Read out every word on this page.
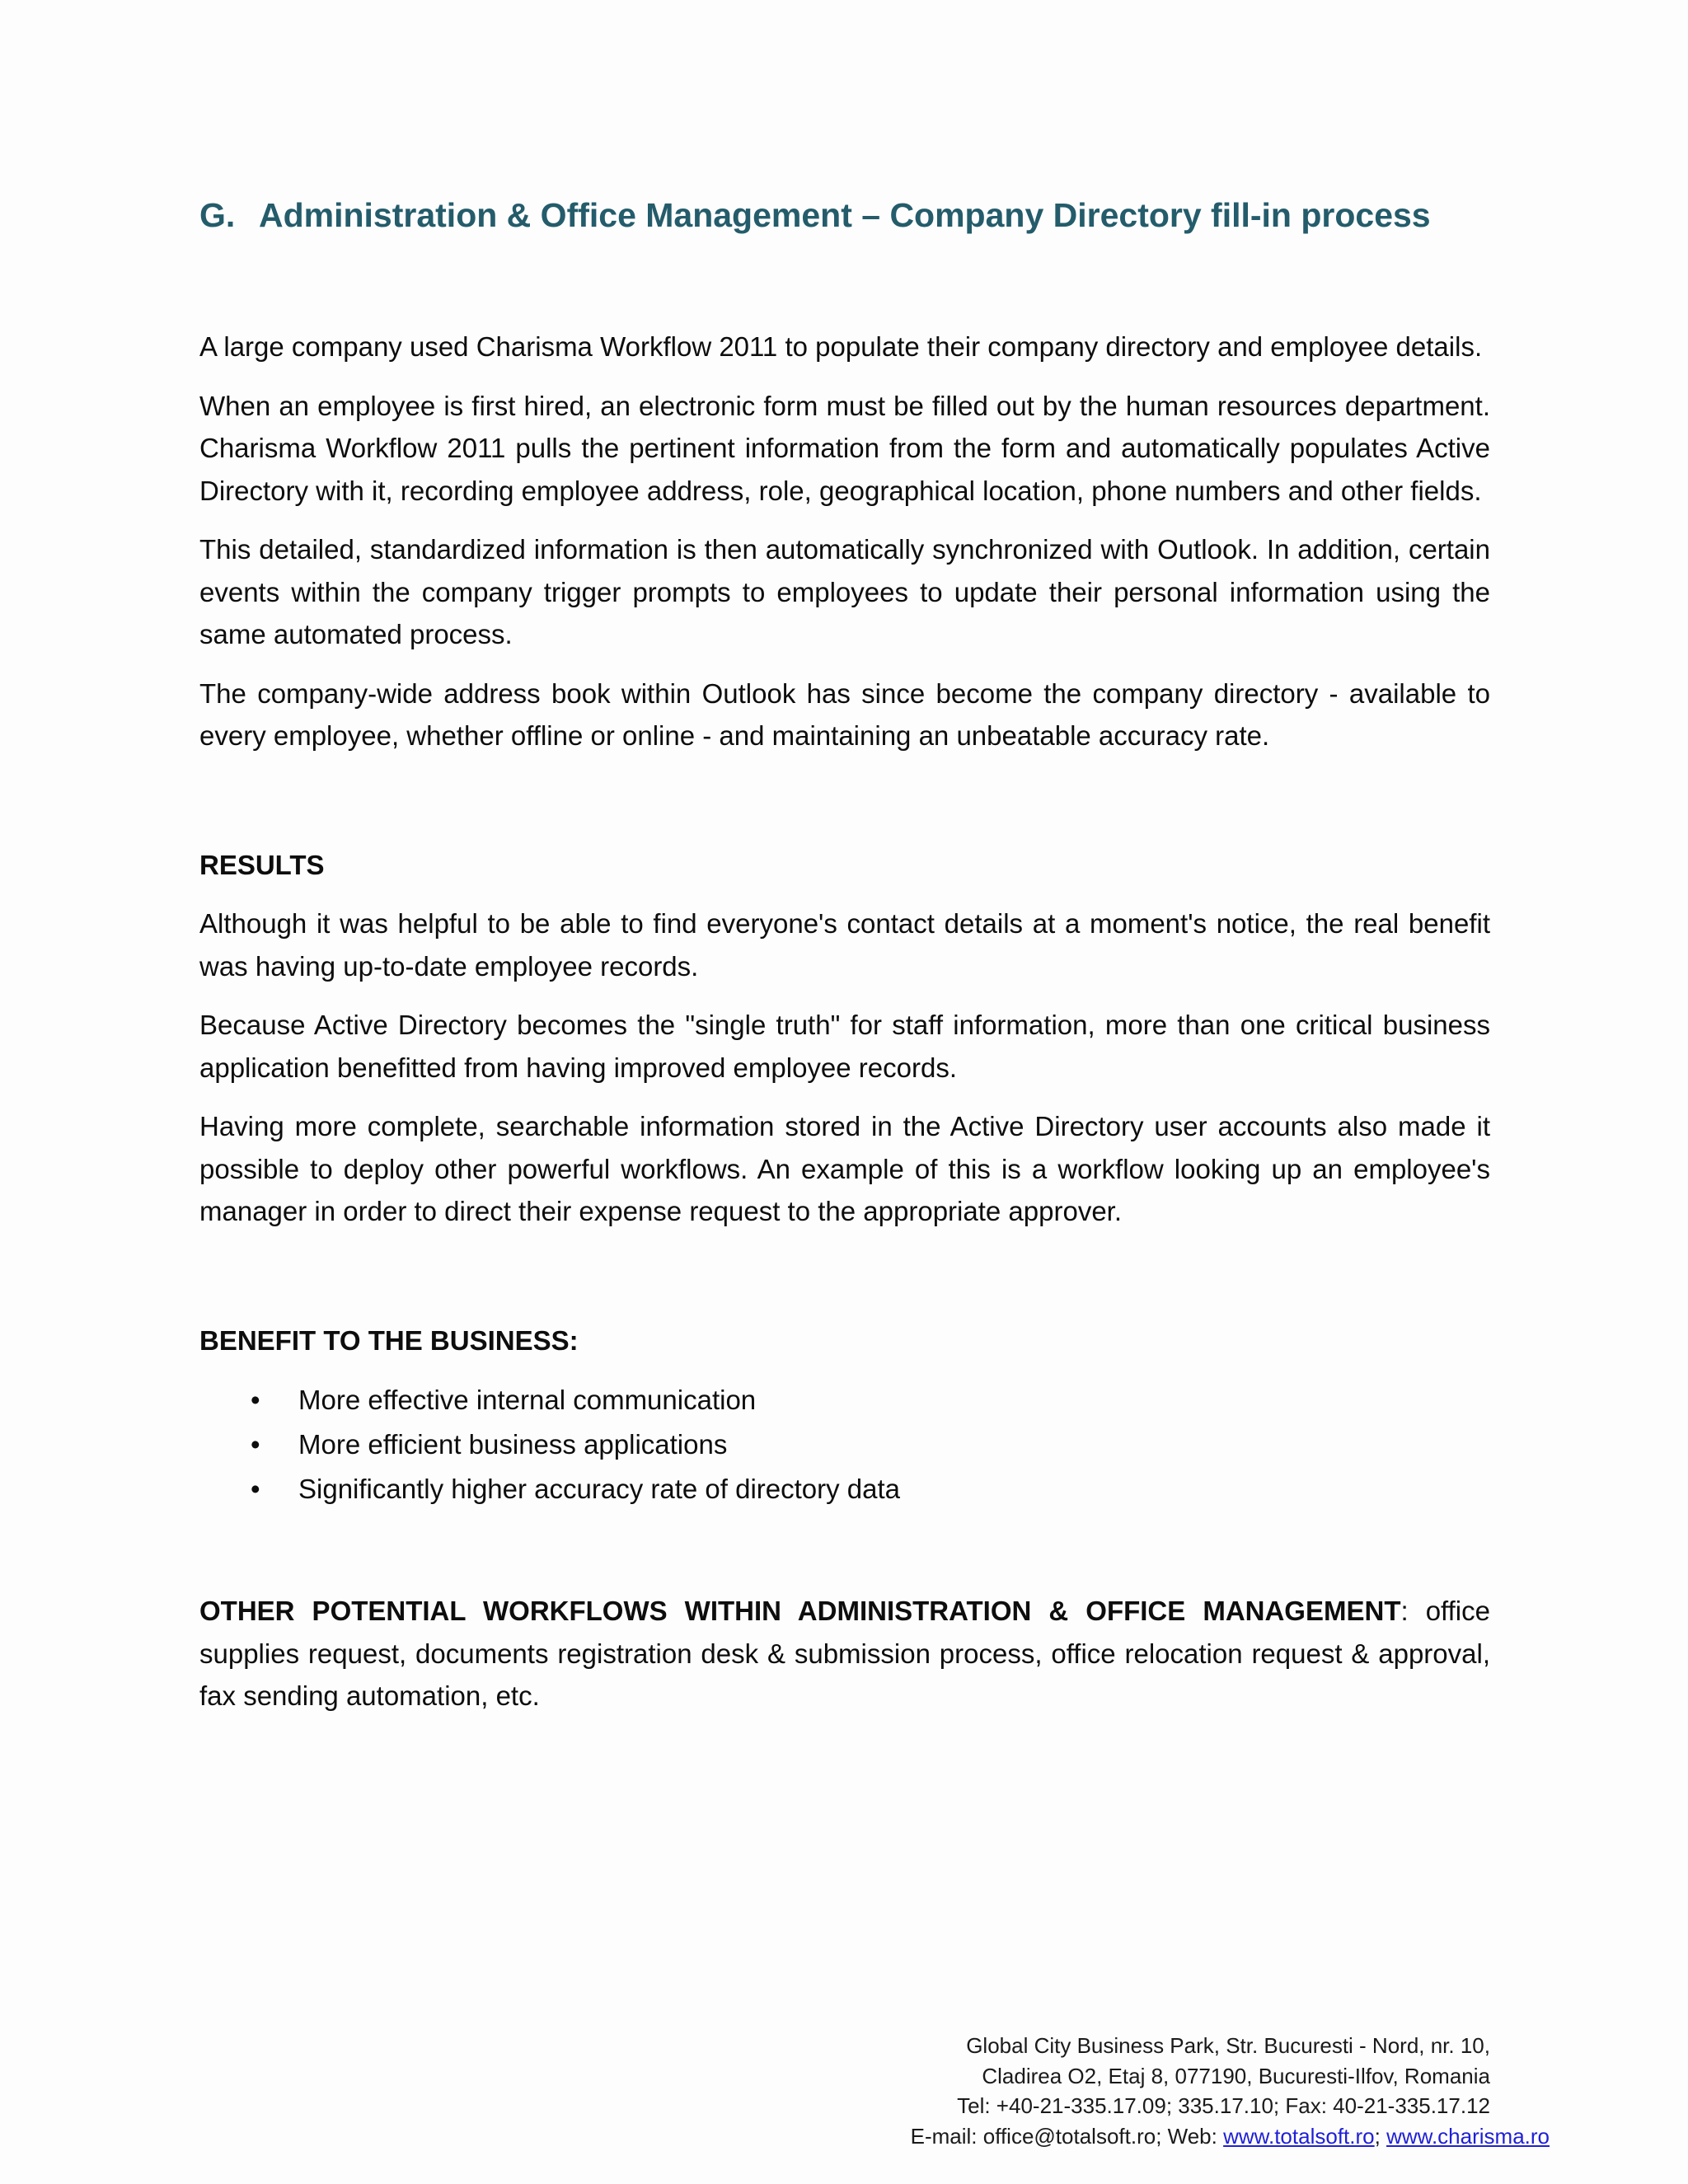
G. Administration & Office Management – Company Directory fill-in process

A large company used Charisma Workflow 2011 to populate their company directory and employee details.

When an employee is first hired, an electronic form must be filled out by the human resources department. Charisma Workflow 2011 pulls the pertinent information from the form and automatically populates Active Directory with it, recording employee address, role, geographical location, phone numbers and other fields.

This detailed, standardized information is then automatically synchronized with Outlook. In addition, certain events within the company trigger prompts to employees to update their personal information using the same automated process.

The company-wide address book within Outlook has since become the company directory - available to every employee, whether offline or online - and maintaining an unbeatable accuracy rate.

RESULTS

Although it was helpful to be able to find everyone's contact details at a moment's notice, the real benefit was having up-to-date employee records.

Because Active Directory becomes the "single truth" for staff information, more than one critical business application benefitted from having improved employee records.

Having more complete, searchable information stored in the Active Directory user accounts also made it possible to deploy other powerful workflows. An example of this is a workflow looking up an employee's manager in order to direct their expense request to the appropriate approver.

BENEFIT TO THE BUSINESS:
• More effective internal communication
• More efficient business applications
• Significantly higher accuracy rate of directory data

OTHER POTENTIAL WORKFLOWS WITHIN ADMINISTRATION & OFFICE MANAGEMENT: office supplies request, documents registration desk & submission process, office relocation request & approval, fax sending automation, etc.

Global City Business Park, Str. Bucuresti - Nord, nr. 10,
Cladirea O2, Etaj 8, 077190, Bucuresti-Ilfov, Romania
Tel: +40-21-335.17.09; 335.17.10; Fax: 40-21-335.17.12
E-mail: office@totalsoft.ro; Web: www.totalsoft.ro; www.charisma.ro
